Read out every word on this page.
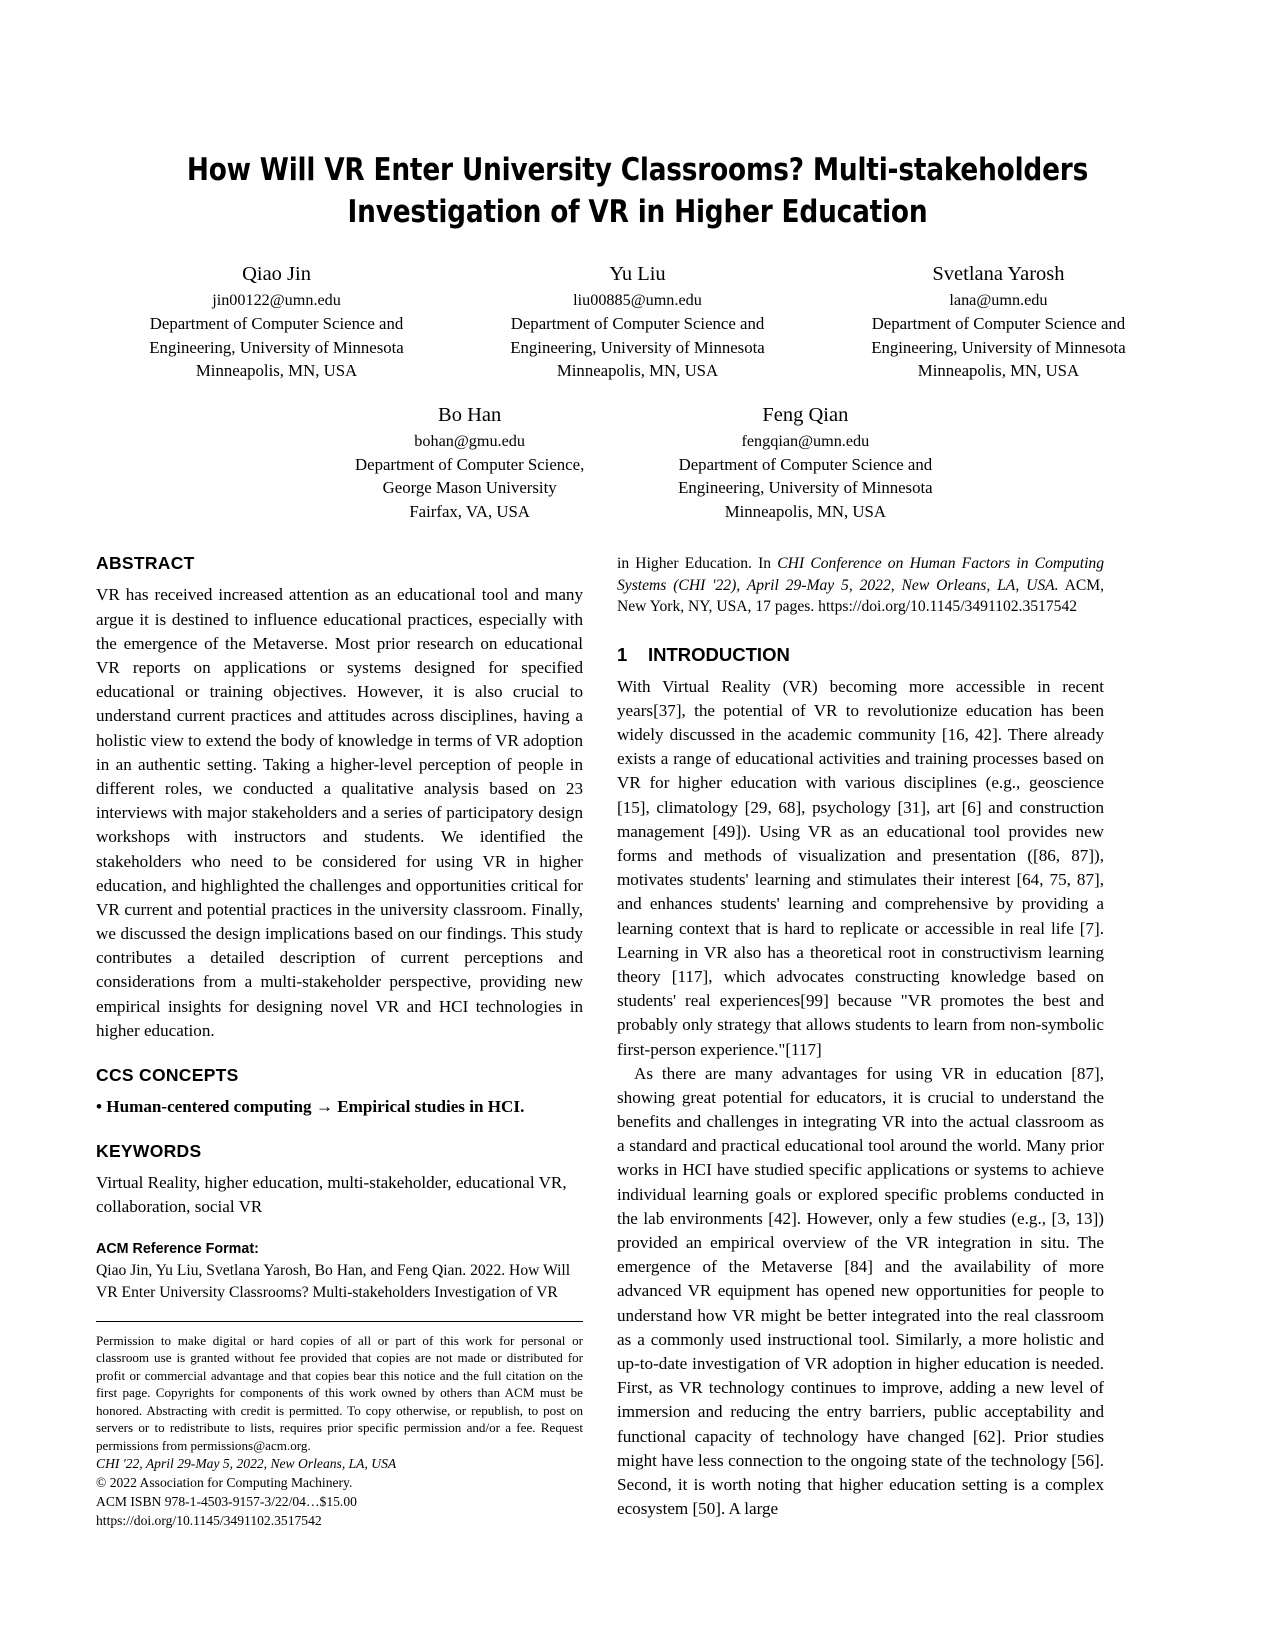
How Will VR Enter University Classrooms? Multi-stakeholders
Investigation of VR in Higher Education
Qiao Jin
jin00122@umn.edu
Department of Computer Science and
Engineering, University of Minnesota
Minneapolis, MN, USA
Yu Liu
liu00885@umn.edu
Department of Computer Science and
Engineering, University of Minnesota
Minneapolis, MN, USA
Svetlana Yarosh
lana@umn.edu
Department of Computer Science and
Engineering, University of Minnesota
Minneapolis, MN, USA
Bo Han
bohan@gmu.edu
Department of Computer Science,
George Mason University
Fairfax, VA, USA
Feng Qian
fengqian@umn.edu
Department of Computer Science and
Engineering, University of Minnesota
Minneapolis, MN, USA
ABSTRACT

VR has received increased attention as an educational tool and many argue it is destined to influence educational practices, especially with the emergence of the Metaverse. Most prior research on educational VR reports on applications or systems designed for specified educational or training objectives. However, it is also crucial to understand current practices and attitudes across disciplines, having a holistic view to extend the body of knowledge in terms of VR adoption in an authentic setting. Taking a higher-level perception of people in different roles, we conducted a qualitative analysis based on 23 interviews with major stakeholders and a series of participatory design workshops with instructors and students. We identified the stakeholders who need to be considered for using VR in higher education, and highlighted the challenges and opportunities critical for VR current and potential practices in the university classroom. Finally, we discussed the design implications based on our findings. This study contributes a detailed description of current perceptions and considerations from a multi-stakeholder perspective, providing new empirical insights for designing novel VR and HCI technologies in higher education.

CCS CONCEPTS

• Human-centered computing → Empirical studies in HCI.

KEYWORDS

Virtual Reality, higher education, multi-stakeholder, educational VR, collaboration, social VR

ACM Reference Format:

Qiao Jin, Yu Liu, Svetlana Yarosh, Bo Han, and Feng Qian. 2022. How Will VR Enter University Classrooms? Multi-stakeholders Investigation of VR

Permission to make digital or hard copies of all or part of this work for personal or classroom use is granted without fee provided that copies are not made or distributed for profit or commercial advantage and that copies bear this notice and the full citation on the first page. Copyrights for components of this work owned by others than ACM must be honored. Abstracting with credit is permitted. To copy otherwise, or republish, to post on servers or to redistribute to lists, requires prior specific permission and/or a fee. Request permissions from permissions@acm.org.

CHI '22, April 29-May 5, 2022, New Orleans, LA, USA

© 2022 Association for Computing Machinery.

ACM ISBN 978-1-4503-9157-3/22/04…$15.00

https://doi.org/10.1145/3491102.3517542

in Higher Education. In CHI Conference on Human Factors in Computing Systems (CHI '22), April 29-May 5, 2022, New Orleans, LA, USA. ACM, New York, NY, USA, 17 pages. https://doi.org/10.1145/3491102.3517542

1 INTRODUCTION

With Virtual Reality (VR) becoming more accessible in recent years[37], the potential of VR to revolutionize education has been widely discussed in the academic community [16, 42]. There already exists a range of educational activities and training processes based on VR for higher education with various disciplines (e.g., geoscience [15], climatology [29, 68], psychology [31], art [6] and construction management [49]). Using VR as an educational tool provides new forms and methods of visualization and presentation ([86, 87]), motivates students' learning and stimulates their interest [64, 75, 87], and enhances students' learning and comprehensive by providing a learning context that is hard to replicate or accessible in real life [7]. Learning in VR also has a theoretical root in constructivism learning theory [117], which advocates constructing knowledge based on students' real experiences[99] because "VR promotes the best and probably only strategy that allows students to learn from non-symbolic first-person experience."[117]

As there are many advantages for using VR in education [87], showing great potential for educators, it is crucial to understand the benefits and challenges in integrating VR into the actual classroom as a standard and practical educational tool around the world. Many prior works in HCI have studied specific applications or systems to achieve individual learning goals or explored specific problems conducted in the lab environments [42]. However, only a few studies (e.g., [3, 13]) provided an empirical overview of the VR integration in situ. The emergence of the Metaverse [84] and the availability of more advanced VR equipment has opened new opportunities for people to understand how VR might be better integrated into the real classroom as a commonly used instructional tool. Similarly, a more holistic and up-to-date investigation of VR adoption in higher education is needed. First, as VR technology continues to improve, adding a new level of immersion and reducing the entry barriers, public acceptability and functional capacity of technology have changed [62]. Prior studies might have less connection to the ongoing state of the technology [56]. Second, it is worth noting that higher education setting is a complex ecosystem [50]. A large
